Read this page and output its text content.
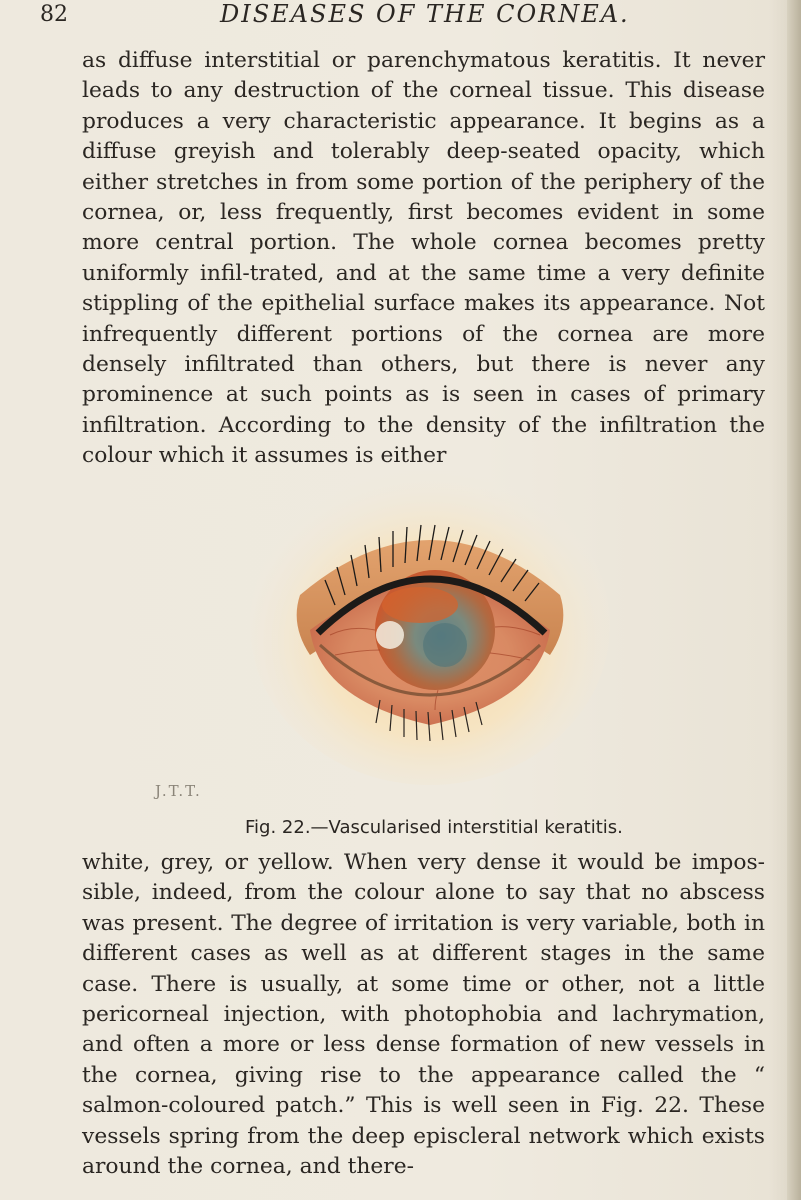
82	DISEASES OF THE CORNEA.

as diffuse interstitial or parenchymatous keratitis. It never leads to any destruction of the corneal tissue. This disease produces a very characteristic appearance. It begins as a diffuse greyish and tolerably deep-seated opacity, which either stretches in from some portion of the periphery of the cornea, or, less frequently, first becomes evident in some more central portion. The whole cornea becomes pretty uniformly infil-trated, and at the same time a very definite stippling of the epithelial surface makes its appearance. Not infrequently different portions of the cornea are more densely infiltrated than others, but there is never any prominence at such points as is seen in cases of primary infiltration. According to the density of the infiltration the colour which it assumes is either

J.T.T.
Fig. 22.—Vascularised interstitial keratitis.

white, grey, or yellow. When very dense it would be impos-sible, indeed, from the colour alone to say that no abscess was present. The degree of irritation is very variable, both in different cases as well as at different stages in the same case. There is usually, at some time or other, not a little pericorneal injection, with photophobia and lachrymation, and often a more or less dense formation of new vessels in the cornea, giving rise to the appearance called the “ salmon-coloured patch.” This is well seen in Fig. 22. These vessels spring from the deep episcleral network which exists around the cornea, and there-
